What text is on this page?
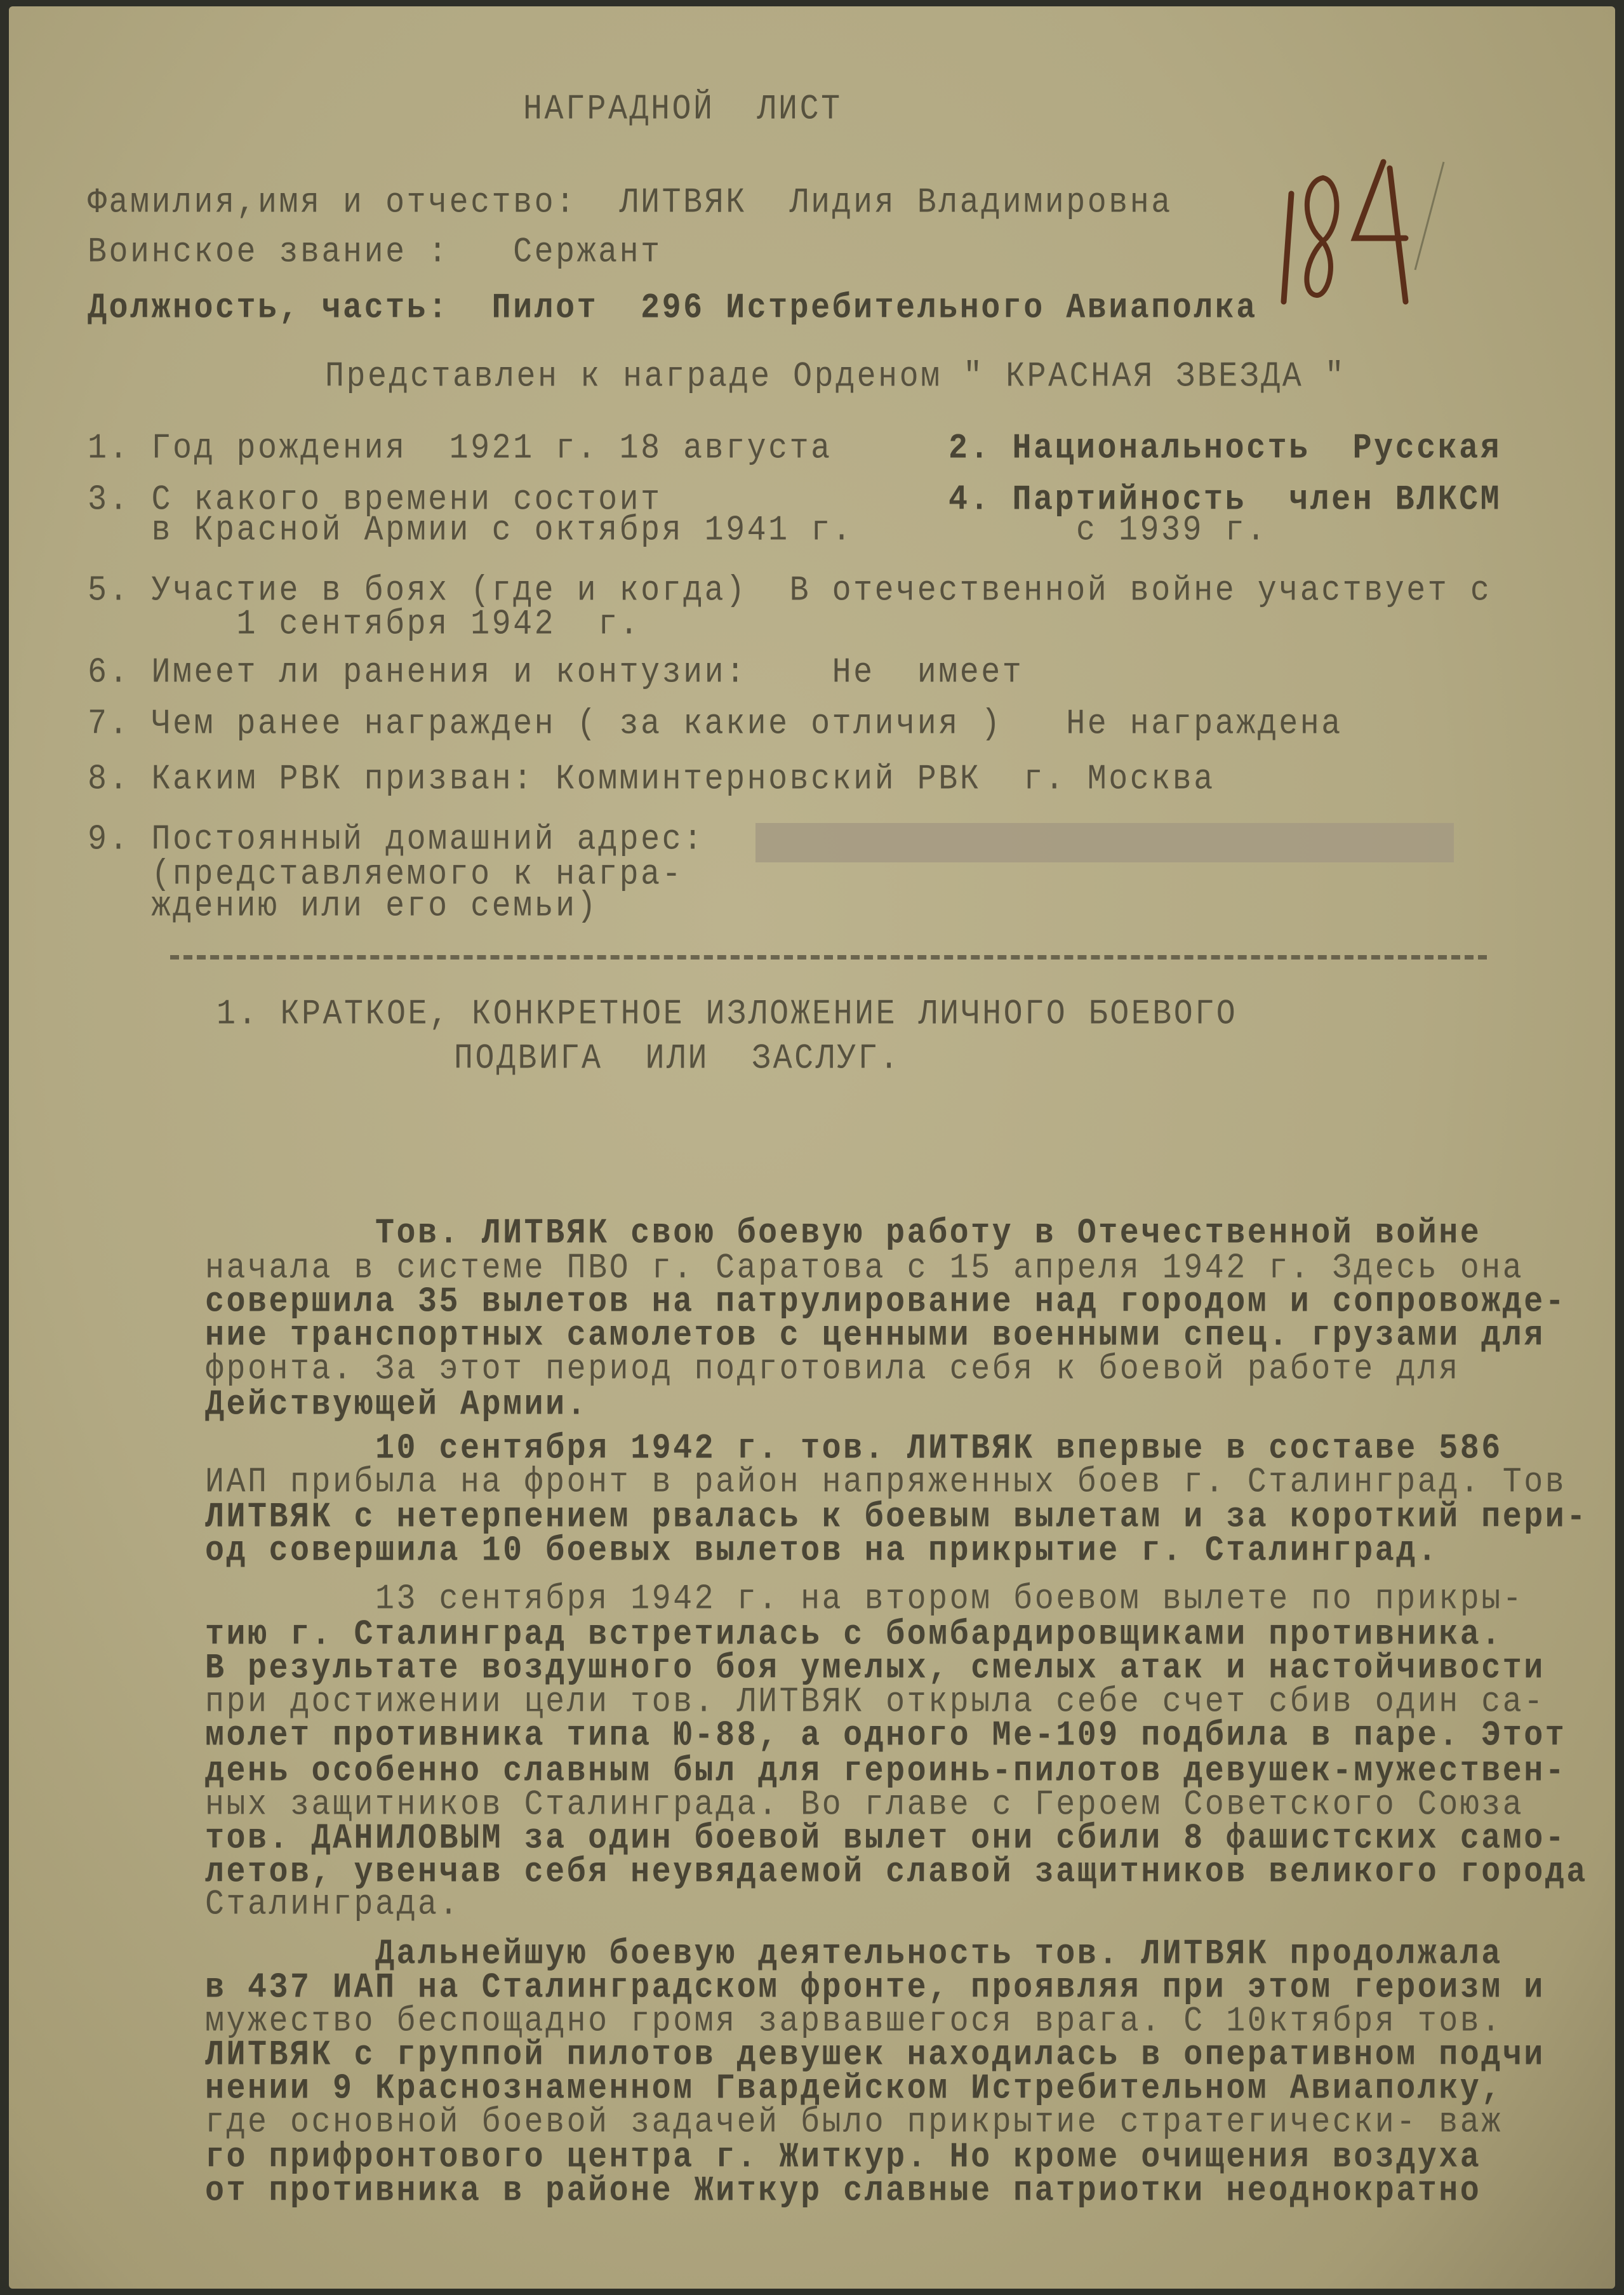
НАГРАДНОЙ  ЛИСТ
Фамилия,имя и отчество:  ЛИТВЯК  Лидия Владимировна
Воинское звание :   Сержант
Должность, часть:  Пилот  296 Истребительного Авиаполка
Представлен к награде Орденом " КРАСНАЯ ЗВЕЗДА "
1. Год рождения  1921 г. 18 августа	2. Национальность  Русская
3. С какого времени состоит
в Красной Армии с октября 1941 г.
4. Партийность  член ВЛКСМ
с 1939 г.
5. Участие в боях (где и когда)  В отечественной войне участвует с
1 сентября 1942  г.
6. Имеет ли ранения и контузии:    Не  имеет
7. Чем ранее награжден ( за какие отличия )   Не награждена
8. Каким РВК призван: Комминтерновский РВК  г. Москва
9. Постоянный домашний адрес:
(представляемого к награ-
ждению или его семьи)
1. КРАТКОЕ, КОНКРЕТНОЕ ИЗЛОЖЕНИЕ ЛИЧНОГО БОЕВОГО
ПОДВИГА  ИЛИ  ЗАСЛУГ.
Тов. ЛИТВЯК свою боевую работу в Отечественной войне
начала в системе ПВО г. Саратова с 15 апреля 1942 г. Здесь она
совершила 35 вылетов на патрулирование над городом и сопровожде-
ние транспортных самолетов с ценными военными спец. грузами для
фронта. За этот период подготовила себя к боевой работе для
Действующей Армии.
10 сентября 1942 г. тов. ЛИТВЯК впервые в составе 586
ИАП прибыла на фронт в район напряженных боев г. Сталинград. Тов
ЛИТВЯК с нетерпением рвалась к боевым вылетам и за короткий пери-
од совершила 10 боевых вылетов на прикрытие г. Сталинград.
13 сентября 1942 г. на втором боевом вылете по прикры-
тию г. Сталинград встретилась с бомбардировщиками противника.
В результате воздушного боя умелых, смелых атак и настойчивости
при достижении цели тов. ЛИТВЯК открыла себе счет сбив один са-
молет противника типа Ю-88, а одного Ме-109 подбила в паре. Этот
день особенно славным был для героинь-пилотов девушек-мужествен-
ных защитников Сталинграда. Во главе с Героем Советского Союза
тов. ДАНИЛОВЫМ за один боевой вылет они сбили 8 фашистских само-
летов, увенчав себя неувядаемой славой защитников великого города
Сталинграда.
Дальнейшую боевую деятельность тов. ЛИТВЯК продолжала
в 437 ИАП на Сталинградском фронте, проявляя при этом героизм и
мужество беспощадно громя зарвавшегося врага. С 10ктября тов.
ЛИТВЯК с группой пилотов девушек находилась в оперативном подчи
нении 9 Краснознаменном Гвардейском Истребительном Авиаполку,
где основной боевой задачей было прикрытие стратегически- важ
го прифронтового центра г. Житкур. Но кроме очищения воздуха
от противника в районе Житкур славные патриотки неоднократно
